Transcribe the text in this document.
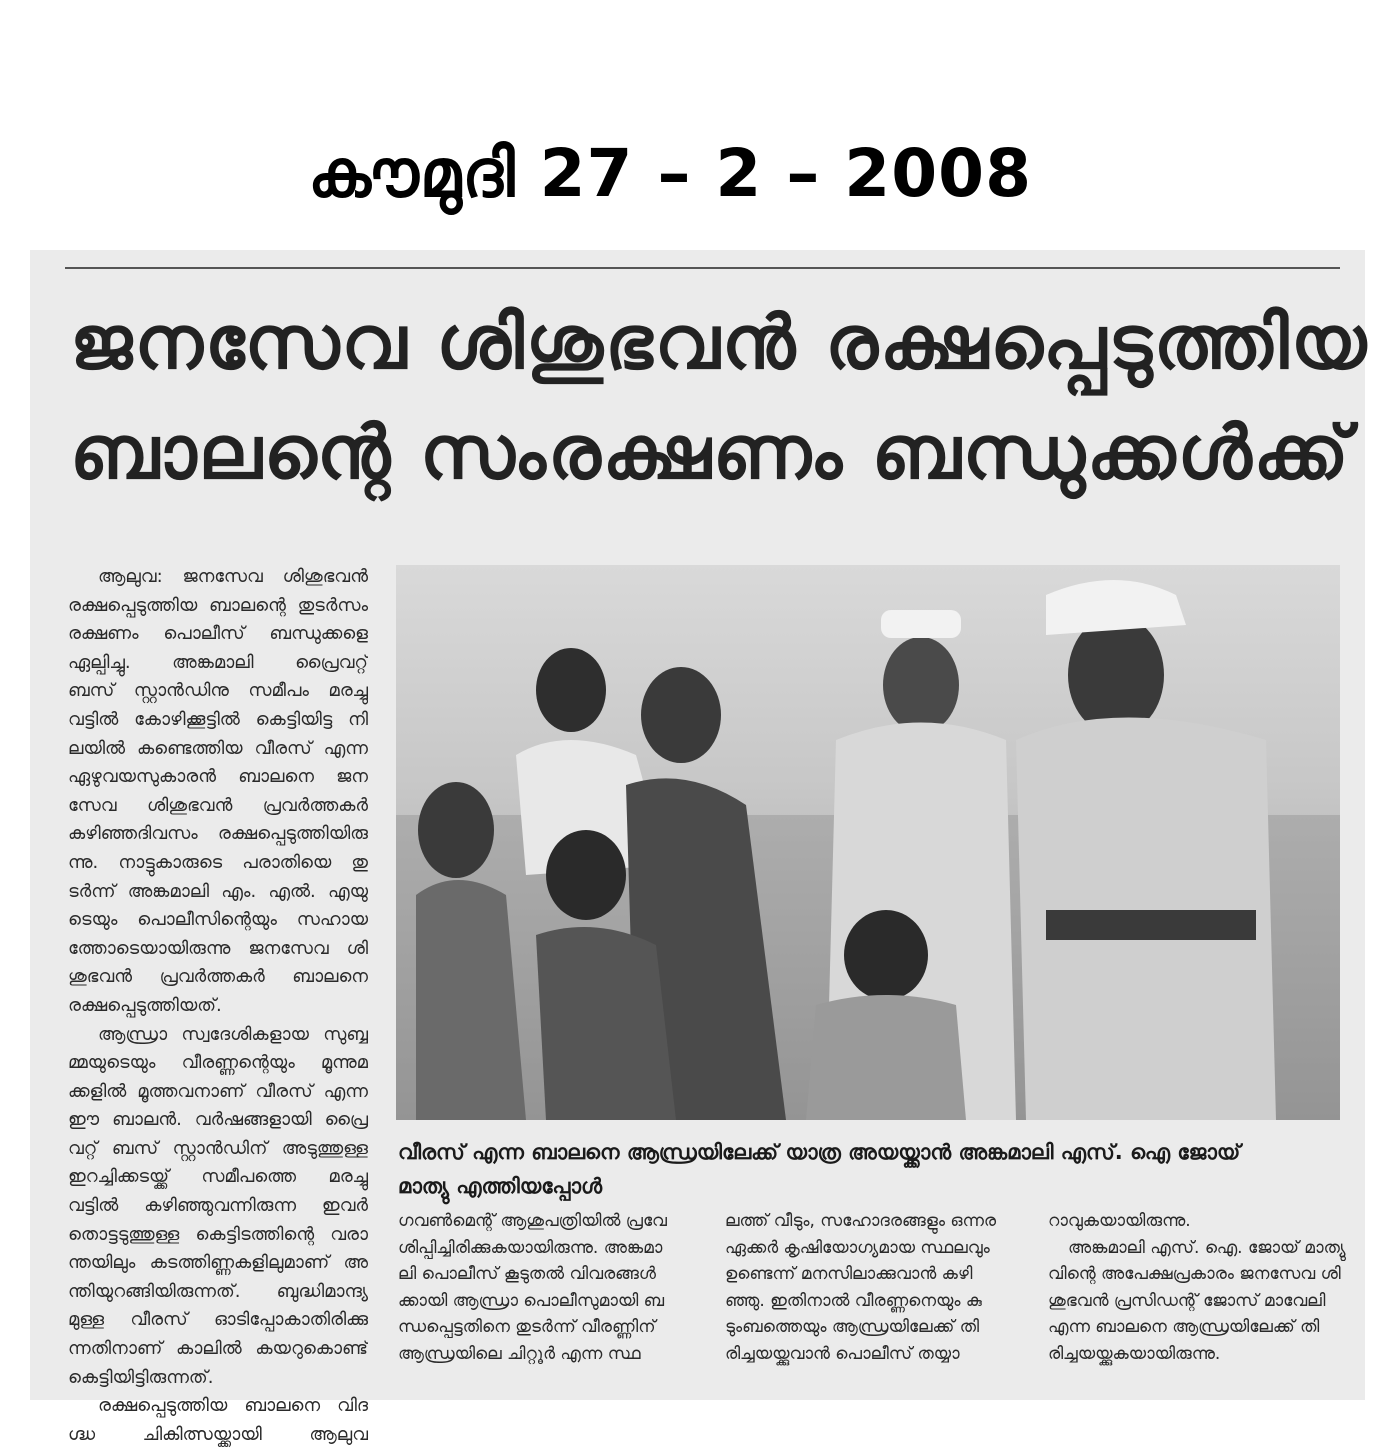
കൗമുദി 27 – 2 – 2008
ജനസേവ ശിശുഭവൻ രക്ഷപ്പെടുത്തിയ
ബാലന്റെ സംരക്ഷണം ബന്ധുക്കൾക്ക്
ആലുവ: ജനസേവ ശിശുഭവൻ
രക്ഷപ്പെടുത്തിയ ബാലന്റെ തുടർസം
രക്ഷണം പൊലീസ് ബന്ധുക്കളെ
ഏല്പിച്ചു. അങ്കമാലി പ്രൈവറ്റ്
ബസ് സ്റ്റാൻഡിനു സമീപം മരച്ചു
വട്ടിൽ കോഴിക്കൂട്ടിൽ കെട്ടിയിട്ട നി
ലയിൽ കണ്ടെത്തിയ വീരസ് എന്ന
ഏഴുവയസുകാരൻ ബാലനെ ജന
സേവ ശിശുഭവൻ പ്രവർത്തകർ
കഴിഞ്ഞദിവസം രക്ഷപ്പെടുത്തിയിരു
ന്നു. നാട്ടുകാരുടെ പരാതിയെ തു
ടർന്ന് അങ്കമാലി എം. എൽ. എയു
ടെയും പൊലീസിന്റെയും സഹായ
ത്തോടെയായിരുന്നു ജനസേവ ശി
ശുഭവൻ പ്രവർത്തകർ ബാലനെ
രക്ഷപ്പെടുത്തിയത്.
ആന്ധ്രാ സ്വദേശികളായ സുബ്ബ
മ്മയുടെയും വീരണ്ണന്റെയും മൂന്നുമ
ക്കളിൽ മൂത്തവനാണ് വീരസ് എന്ന
ഈ ബാലൻ. വർഷങ്ങളായി പ്രൈ
വറ്റ് ബസ് സ്റ്റാൻഡിന് അടുത്തുള്ള
ഇറച്ചിക്കടയ്ക്ക് സമീപത്തെ മരച്ചു
വട്ടിൽ കഴിഞ്ഞുവന്നിരുന്ന ഇവർ
തൊട്ടടുത്തുള്ള കെട്ടിടത്തിന്റെ വരാ
ന്തയിലും കടത്തിണ്ണകളിലുമാണ് അ
ന്തിയുറങ്ങിയിരുന്നത്. ബുദ്ധിമാന്ദ്യ
മുള്ള വീരസ് ഓടിപ്പോകാതിരിക്കു
ന്നതിനാണ് കാലിൽ കയറുകൊണ്ട്
കെട്ടിയിട്ടിരുന്നത്.
രക്ഷപ്പെടുത്തിയ ബാലനെ വിദ
ഗ്ദ്ധ ചികിത്സയ്ക്കായി ആലുവ
വീരസ് എന്ന ബാലനെ ആന്ധ്രയിലേക്ക് യാത്ര അയയ്ക്കാൻ അങ്കമാലി എസ്. ഐ ജോയ്
മാത്യു എത്തിയപ്പോൾ
ഗവൺമെന്റ് ആശുപത്രിയിൽ പ്രവേ
ശിപ്പിച്ചിരിക്കുകയായിരുന്നു. അങ്കമാ
ലി പൊലീസ് കൂടുതൽ വിവരങ്ങൾ
ക്കായി ആന്ധ്രാ പൊലീസുമായി ബ
ന്ധപ്പെട്ടതിനെ തുടർന്ന് വീരണ്ണിന്
ആന്ധ്രയിലെ ചിറ്റൂർ എന്ന സ്ഥ
ലത്ത് വീടും, സഹോദരങ്ങളും ഒന്നര
ഏക്കർ കൃഷിയോഗ്യമായ സ്ഥലവും
ഉണ്ടെന്ന് മനസിലാക്കുവാൻ കഴി
ഞ്ഞു. ഇതിനാൽ വീരണ്ണനെയും കു
ടുംബത്തെയും ആന്ധ്രയിലേക്ക് തി
രിച്ചയയ്ക്കുവാൻ പൊലീസ് തയ്യാ
റാവുകയായിരുന്നു.
അങ്കമാലി എസ്. ഐ. ജോയ് മാത്യു
വിന്റെ അപേക്ഷപ്രകാരം ജനസേവ ശി
ശുഭവൻ പ്രസിഡന്റ് ജോസ് മാവേലി
എന്ന ബാലനെ ആന്ധ്രയിലേക്ക് തി
രിച്ചയയ്ക്കുകയായിരുന്നു.
